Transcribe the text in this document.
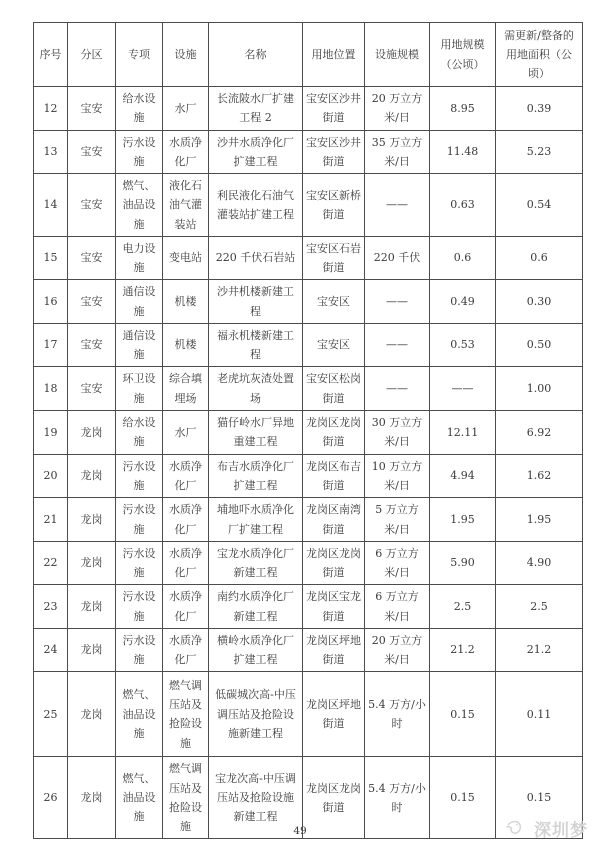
序号	分区	专项	设施	名称	用地位置	设施规模	用地规模（公顷）	需更新/整备的用地面积（公顷）
12	宝安	给水设施	水厂	长流陂水厂扩建工程 2	宝安区沙井街道	20 万立方米/日	8.95	0.39
13	宝安	污水设施	水质净化厂	沙井水质净化厂扩建工程	宝安区沙井街道	35 万立方米/日	11.48	5.23
14	宝安	燃气、油品设施	液化石油气灌装站	利民液化石油气灌装站扩建工程	宝安区新桥街道	——	0.63	0.54
15	宝安	电力设施	变电站	220 千伏石岩站	宝安区石岩街道	220 千伏	0.6	0.6
16	宝安	通信设施	机楼	沙井机楼新建工程	宝安区	——	0.49	0.30
17	宝安	通信设施	机楼	福永机楼新建工程	宝安区	——	0.53	0.50
18	宝安	环卫设施	综合填埋场	老虎坑灰渣处置场	宝安区松岗街道	——	——	1.00
19	龙岗	给水设施	水厂	猫仔岭水厂异地重建工程	龙岗区龙岗街道	30 万立方米/日	12.11	6.92
20	龙岗	污水设施	水质净化厂	布吉水质净化厂扩建工程	龙岗区布吉街道	10 万立方米/日	4.94	1.62
21	龙岗	污水设施	水质净化厂	埔地吓水质净化厂扩建工程	龙岗区南湾街道	5 万立方米/日	1.95	1.95
22	龙岗	污水设施	水质净化厂	宝龙水质净化厂新建工程	龙岗区龙岗街道	6 万立方米/日	5.90	4.90
23	龙岗	污水设施	水质净化厂	南约水质净化厂新建工程	龙岗区宝龙街道	6 万立方米/日	2.5	2.5
24	龙岗	污水设施	水质净化厂	横岭水质净化厂扩建工程	龙岗区坪地街道	20 万立方米/日	21.2	21.2
25	龙岗	燃气、油品设施	燃气调压站及抢险设施	低碳城次高-中压调压站及抢险设施新建工程	龙岗区坪地街道	5.4 万方/小时	0.15	0.11
26	龙岗	燃气、油品设施	燃气调压站及抢险设施	宝龙次高-中压调压站及抢险设施新建工程	龙岗区龙岗街道	5.4 万方/小时	0.15	0.15
49	深圳梦
